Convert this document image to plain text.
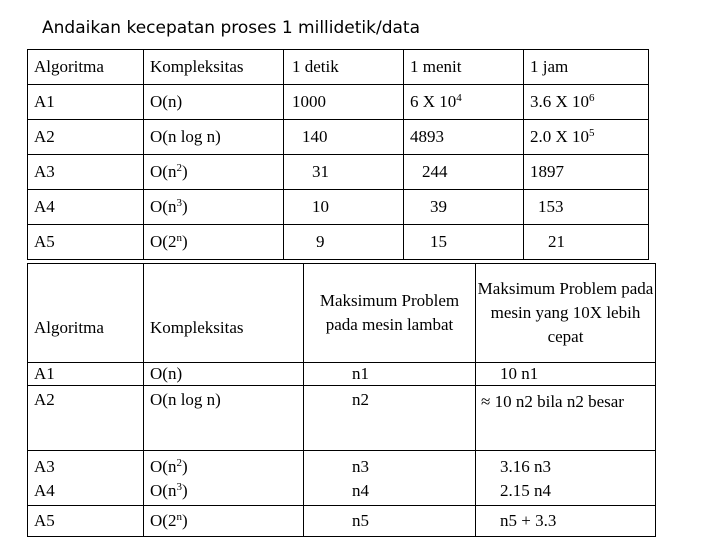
Andaikan kecepatan proses 1 millidetik/data
Algoritma	Kompleksitas	1 detik	1 menit	1 jam
A1	O(n)	1000	6 X $10^4$	3.6 X $10^6$
A2	O(n log n)	140	4893	2.0 X $10^5$
A3	$O(n^2)$	31	244	1897
A4	$O(n^3)$	10	39	153
A5	O(2$^n$)	9	15	21
Algoritma	Kompleksitas	Maksimum Problem pada mesin lambat	Maksimum Problem pada mesin yang 10X lebih cepat
A1	O(n)	n1	10 n1
A2	O(n log n)	n2	≈ 10 n2 bila n2 besar
A3	$O(n^2)$	n3	3.16 n3
A4	$O(n^3)$	n4	2.15 n4
A5	O(2$^n$)	n5	n5 + 3.3
